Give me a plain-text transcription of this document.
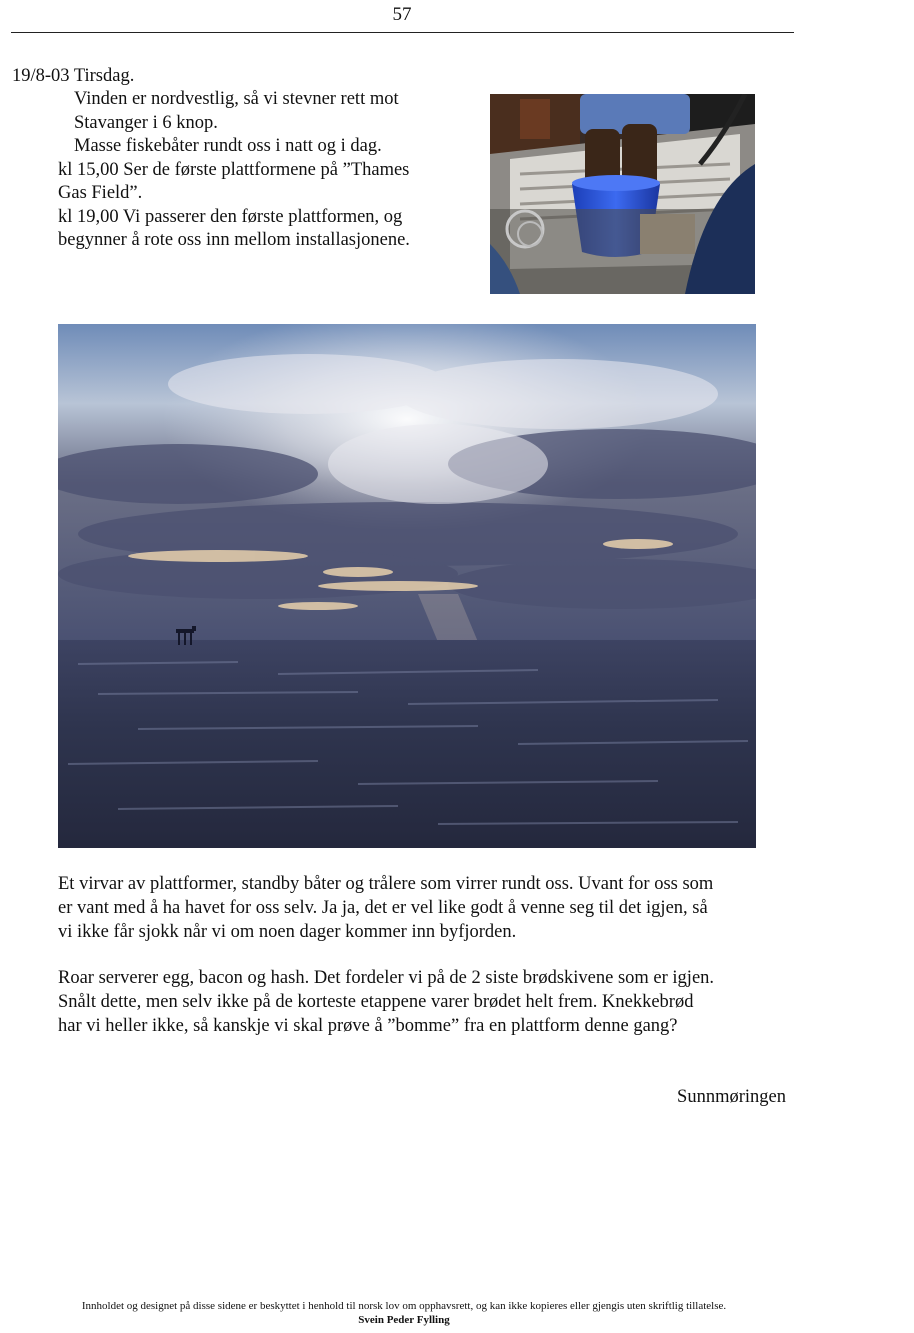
57
19/8-03 Tirsdag.
Vinden er nordvestlig, så vi stevner rett mot
Stavanger i 6 knop.
Masse fiskebåter rundt oss i natt og i dag.
kl 15,00 Ser de første plattformene på ”Thames
Gas Field”.
kl 19,00 Vi passerer den første plattformen, og
begynner å rote oss inn mellom installasjonene.
Et virvar av plattformer, standby båter og trålere som virrer rundt oss. Uvant for oss som
er vant med å ha havet for oss selv. Ja ja, det er vel like godt å venne seg til det igjen, så
vi ikke får sjokk når vi om noen dager kommer inn byfjorden.
Roar serverer egg, bacon og hash. Det fordeler vi på de 2 siste brødskivene som er igjen.
Snålt dette, men selv ikke på de korteste etappene varer brødet helt frem. Knekkebrød
har vi heller ikke, så kanskje vi skal prøve å ”bomme” fra en plattform denne gang?
Sunnmøringen
Innholdet og designet på disse sidene er beskyttet i henhold til norsk lov om opphavsrett, og kan ikke kopieres eller gjengis uten skriftlig tillatelse.
Svein Peder Fylling
